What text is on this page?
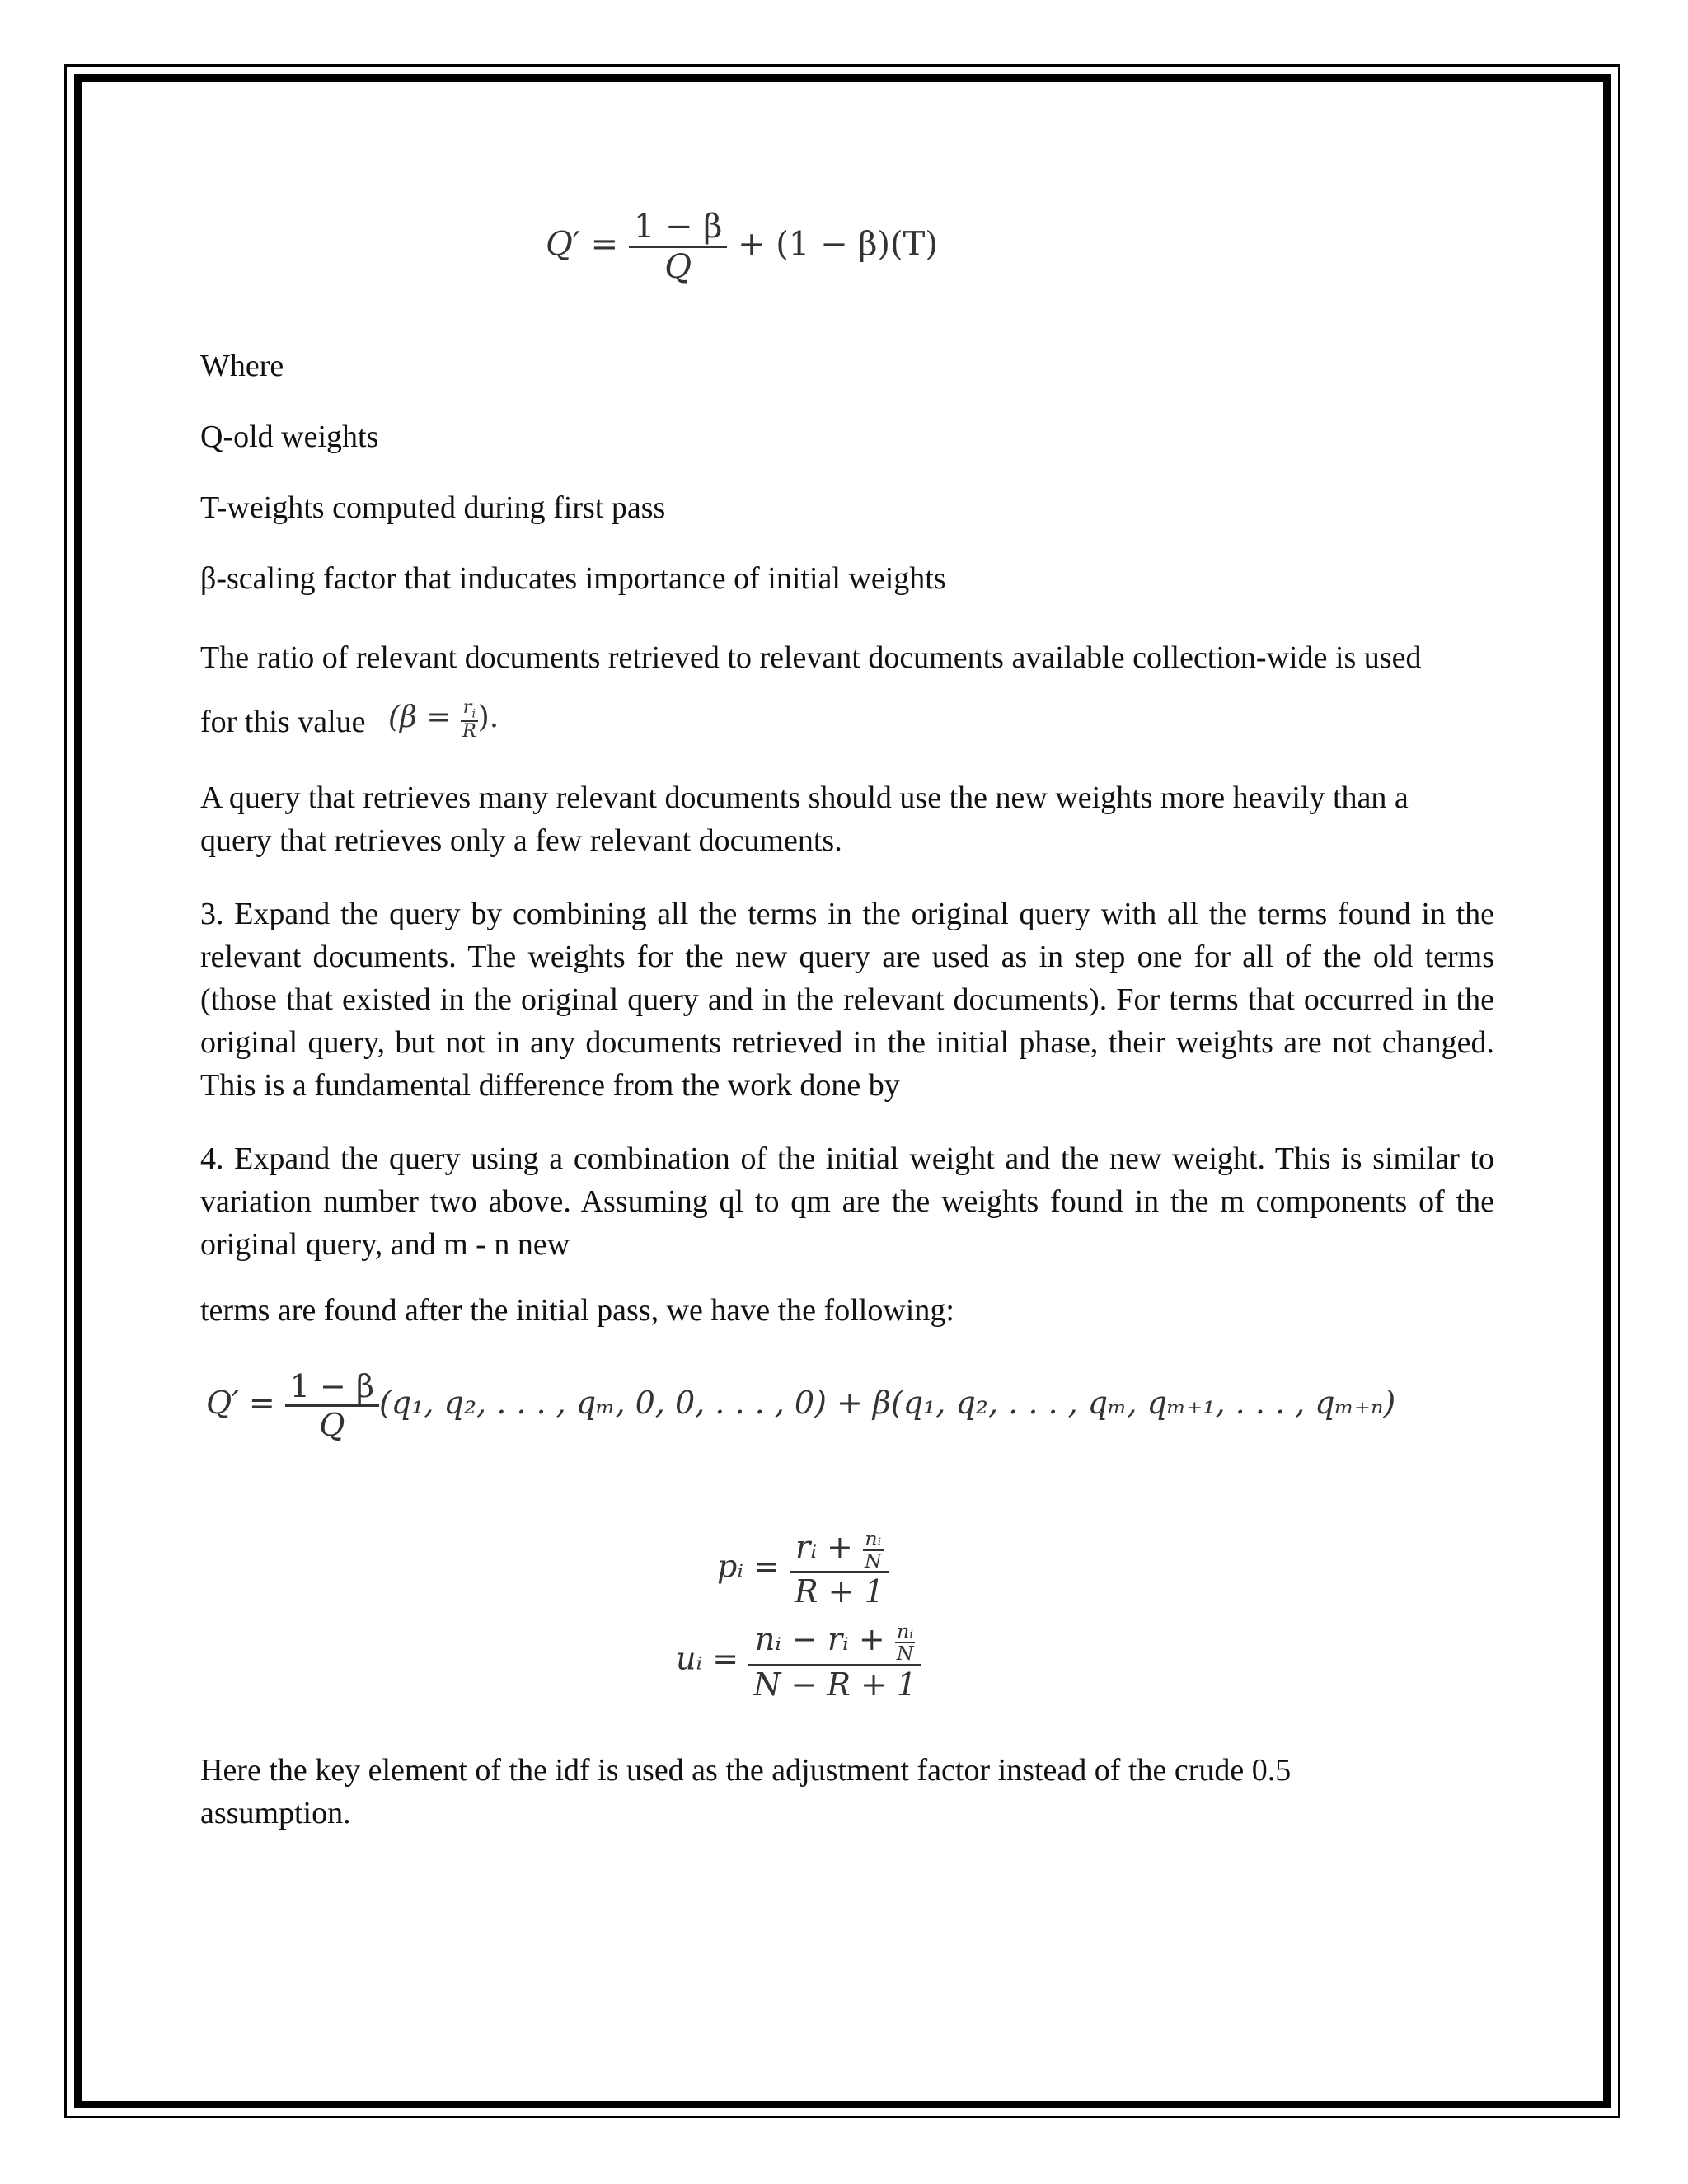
$Q' = \frac{1 - \beta}{Q} + (1 - \beta)(T)$

Where

Q-old weights

T-weights computed during first pass

β-scaling factor that inducates importance of initial weights

The ratio of relevant documents retrieved to relevant documents available collection-wide is used

for this value ($\beta = \frac{r_i}{R}$ ).

A query that retrieves many relevant documents should use the new weights more heavily than a query that retrieves only a few relevant documents.

3. Expand the query by combining all the terms in the original query with all the terms found in the relevant documents. The weights for the new query are used as in step one for all of the old terms (those that existed in the original query and in the relevant documents). For terms that occurred in the original query, but not in any documents retrieved in the initial phase, their weights are not changed. This is a fundamental difference from the work done by

4. Expand the query using a combination of the initial weight and the new weight. This is similar to variation number two above. Assuming ql to qm are the weights found in the m components of the original query, and m - n new

terms are found after the initial pass, we have the following:

$Q' = \frac{1 - \beta}{Q} (q_1$, q₂, . . . , qₘ, 0, 0, . . . , 0) + β(q₁, q₂, . . . , qₘ, qₘ₊₁, . . . , qₘ₊ₙ)
pᵢ = $\frac{rᵢ + \frac{\text{nᵢ}}{N}}{R + 1}$
uᵢ = $\frac{nᵢ - rᵢ + \frac{\text{nᵢ}}{N}}{N - R + 1}$

Here the key element of the idf is used as the adjustment factor instead of the crude 0.5 assumption.
